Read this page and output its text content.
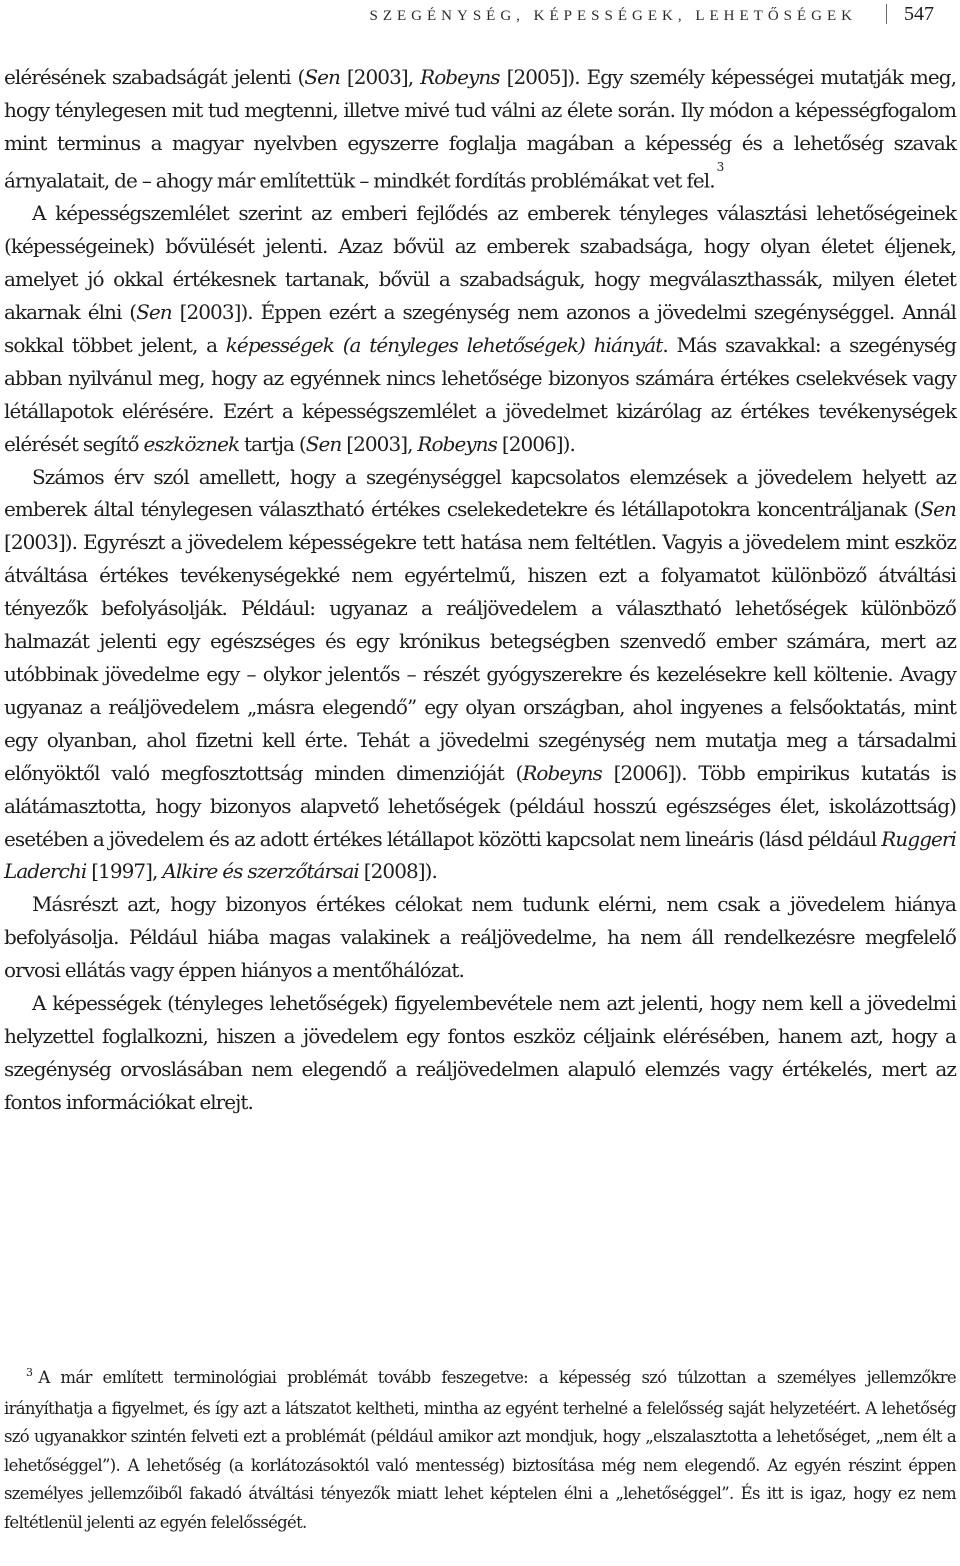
SZEGÉNYSÉG, KÉPESSÉGEK, LEHETŐSÉGEK 547

elérésének szabadságát jelenti (Sen [2003], Robeyns [2005]). Egy személy képességei mutatják meg, hogy ténylegesen mit tud megtenni, illetve mivé tud válni az élete során. Ily módon a képességfogalom mint terminus a magyar nyelvben egyszerre foglalja magában a képesség és a lehetőség szavak árnyalatait, de – ahogy már említettük – mindkét fordítás problémákat vet fel.$^3$

A képességszemlélet szerint az emberi fejlődés az emberek tényleges választási lehetőségeinek (képességeinek) bővülését jelenti. Azaz bővül az emberek szabadsága, hogy olyan életet éljenek, amelyet jó okkal értékesnek tartanak, bővül a szabadságuk, hogy megválaszthassák, milyen életet akarnak élni (Sen [2003]). Éppen ezért a szegénység nem azonos a jövedelmi szegénységgel. Annál sokkal többet jelent, a képességek (a tényleges lehetőségek) hiányát. Más szavakkal: a szegénység abban nyilvánul meg, hogy az egyénnek nincs lehetősége bizonyos számára értékes cselekvések vagy létállapotok elérésére. Ezért a képességszemlélet a jövedelmet kizárólag az értékes tevékenységek elérését segítő eszköznek tartja (Sen [2003], Robeyns [2006]).

Számos érv szól amellett, hogy a szegénységgel kapcsolatos elemzések a jövedelem helyett az emberek által ténylegesen választható értékes cselekedetekre és létállapotokra koncentráljanak (Sen [2003]). Egyrészt a jövedelem képességekre tett hatása nem feltétlen. Vagyis a jövedelem mint eszköz átváltása értékes tevékenységekké nem egyértelmű, hiszen ezt a folyamatot különböző átváltási tényezők befolyásolják. Például: ugyanaz a reáljövedelem a választható lehetőségek különböző halmazát jelenti egy egészséges és egy krónikus betegségben szenvedő ember számára, mert az utóbbinak jövedelme egy – olykor jelentős – részét gyógyszerekre és kezelésekre kell költenie. Avagy ugyanaz a reáljövedelem „másra elegendő” egy olyan országban, ahol ingyenes a felsőoktatás, mint egy olyanban, ahol fizetni kell érte. Tehát a jövedelmi szegénység nem mutatja meg a társadalmi előnyöktől való megfosztottság minden dimenzióját (Robeyns [2006]). Több empirikus kutatás is alátámasztotta, hogy bizonyos alapvető lehetőségek (például hosszú egészséges élet, iskolázottság) esetében a jövedelem és az adott értékes létállapot közötti kapcsolat nem lineáris (lásd például Ruggeri Laderchi [1997], Alkire és szerzőtársai [2008]).

Másrészt azt, hogy bizonyos értékes célokat nem tudunk elérni, nem csak a jövedelem hiánya befolyásolja. Például hiába magas valakinek a reáljövedelme, ha nem áll rendelkezésre megfelelő orvosi ellátás vagy éppen hiányos a mentőhálózat.

A képességek (tényleges lehetőségek) figyelembevétele nem azt jelenti, hogy nem kell a jövedelmi helyzettel foglalkozni, hiszen a jövedelem egy fontos eszköz céljaink elérésében, hanem azt, hogy a szegénység orvoslásában nem elegendő a reáljövedelmen alapuló elemzés vagy értékelés, mert az fontos információkat elrejt.

$^3$ A már említett terminológiai problémát tovább feszegetve: a képesség szó túlzottan a személyes jellemzőkre irányíthatja a figyelmet, és így azt a látszatot keltheti, mintha az egyént terhelné a felelősség saját helyzetéért. A lehetőség szó ugyanakkor szintén felveti ezt a problémát (például amikor azt mondjuk, hogy „elszalasztotta a lehetőséget, „nem élt a lehetőséggel”). A lehetőség (a korlátozásoktól való mentesség) biztosítása még nem elegendő. Az egyén részint éppen személyes jellemzőiből fakadó átváltási tényezők miatt lehet képtelen élni a „lehetőséggel”. És itt is igaz, hogy ez nem feltétlenül jelenti az egyén felelősségét.
